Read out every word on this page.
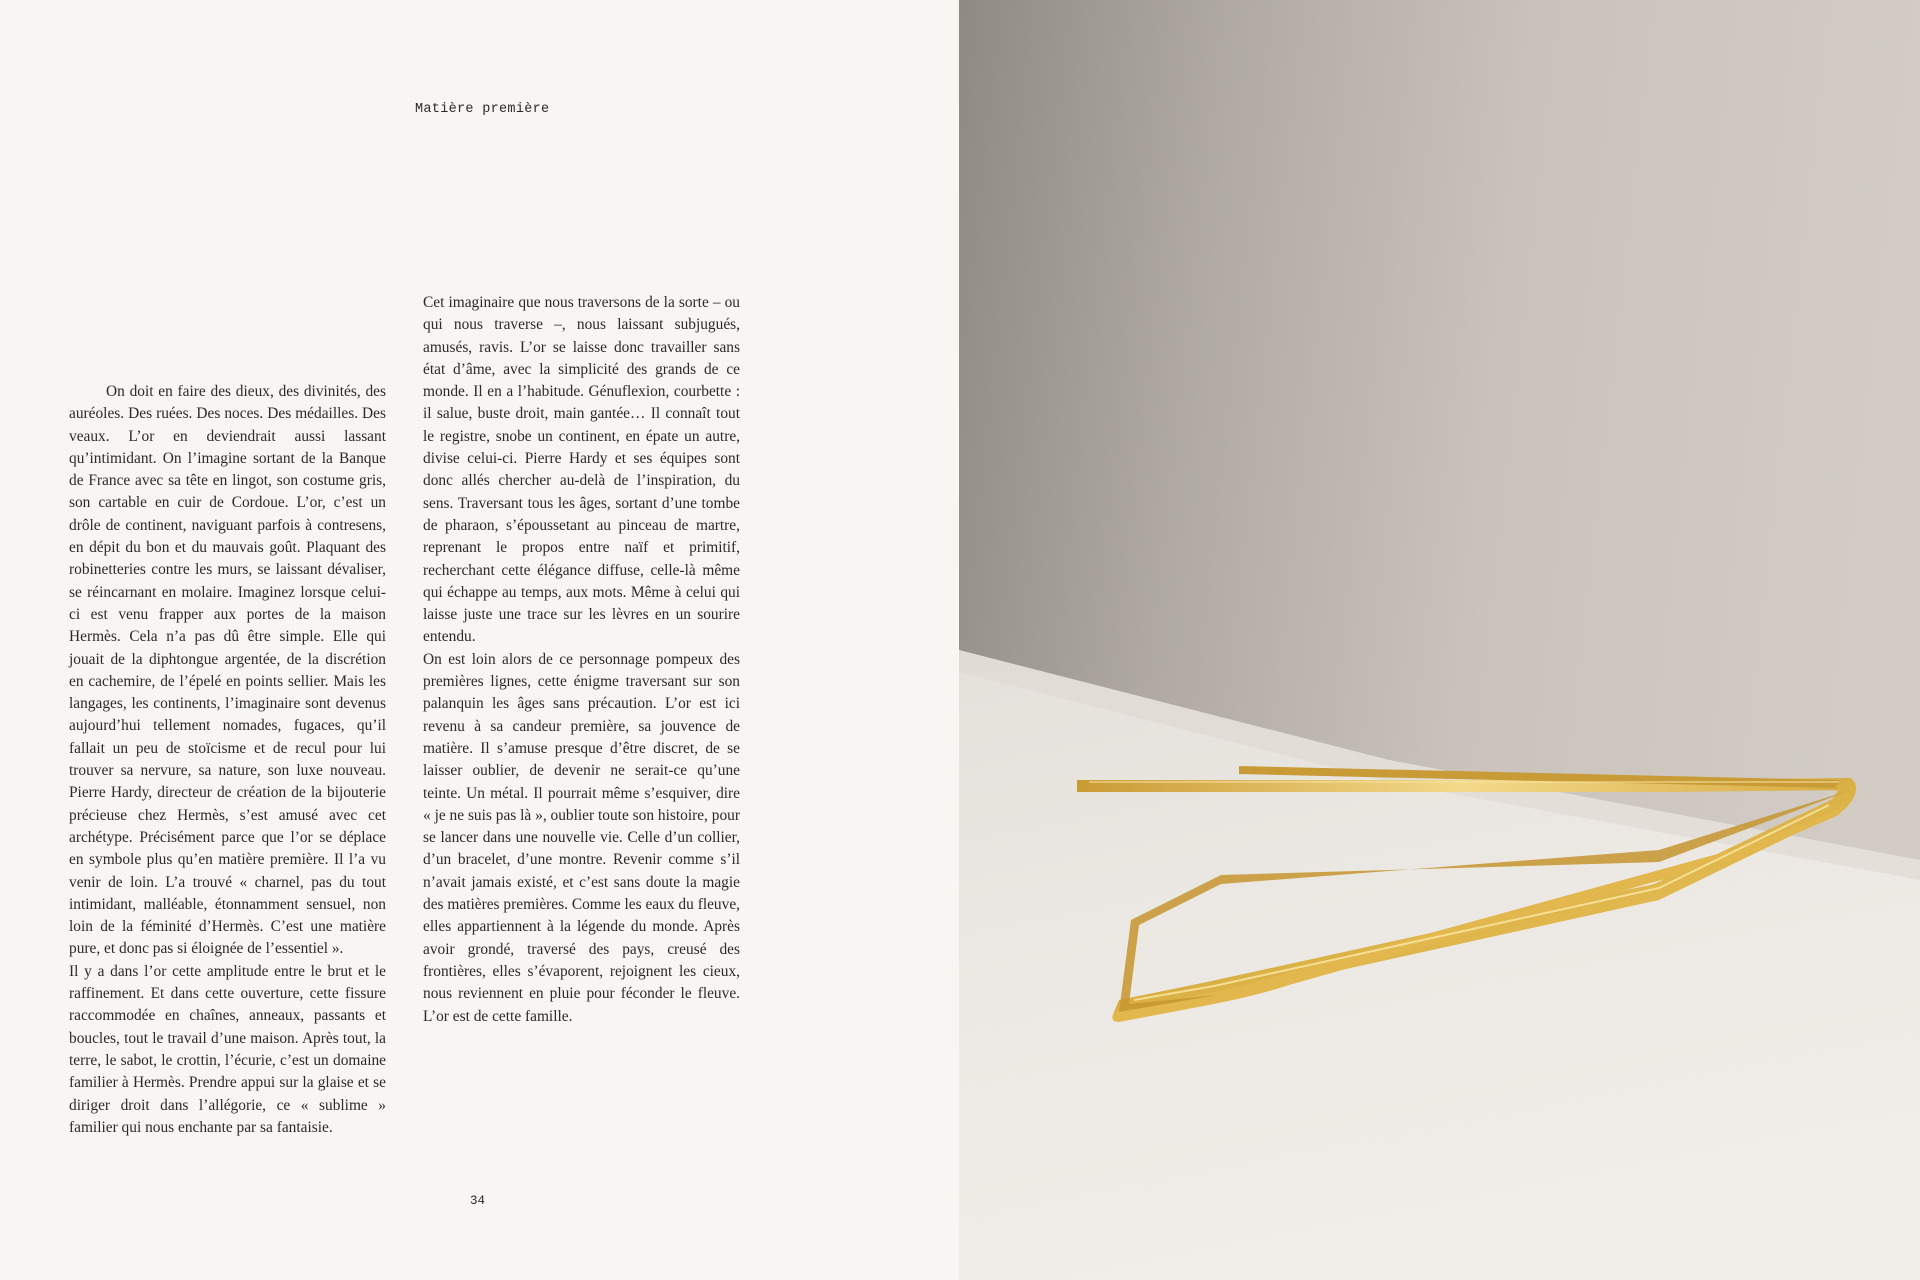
Matière première

On doit en faire des dieux, des divinités, des auréoles. Des ruées. Des noces. Des médailles. Des veaux. L’or en deviendrait aussi lassant qu’intimidant. On l’imagine sortant de la Banque de France avec sa tête en lingot, son costume gris, son cartable en cuir de Cordoue. L’or, c’est un drôle de continent, naviguant parfois à contresens, en dépit du bon et du mauvais goût. Plaquant des robinetteries contre les murs, se laissant dévaliser, se réincarnant en molaire. Imaginez lorsque celui-ci est venu frapper aux portes de la maison Hermès. Cela n’a pas dû être simple. Elle qui jouait de la diphtongue argentée, de la discrétion en cachemire, de l’épelé en points sellier. Mais les langages, les continents, l’imaginaire sont devenus aujourd’hui tellement nomades, fugaces, qu’il fallait un peu de stoïcisme et de recul pour lui trouver sa nervure, sa nature, son luxe nouveau. Pierre Hardy, directeur de création de la bijouterie précieuse chez Hermès, s’est amusé avec cet archétype. Précisément parce que l’or se déplace en symbole plus qu’en matière première. Il l’a vu venir de loin. L’a trouvé « charnel, pas du tout intimidant, malléable, étonnamment sensuel, non loin de la féminité d’Hermès. C’est une matière pure, et donc pas si éloignée de l’essentiel ».

Il y a dans l’or cette amplitude entre le brut et le raffinement. Et dans cette ouverture, cette fissure raccommodée en chaînes, anneaux, passants et boucles, tout le travail d’une maison. Après tout, la terre, le sabot, le crottin, l’écurie, c’est un domaine familier à Hermès. Prendre appui sur la glaise et se diriger droit dans l’allégorie, ce « sublime » familier qui nous enchante par sa fantaisie.

Cet imaginaire que nous traversons de la sorte – ou qui nous traverse –, nous laissant subjugués, amusés, ravis. L’or se laisse donc travailler sans état d’âme, avec la simplicité des grands de ce monde. Il en a l’habitude. Génuflexion, courbette : il salue, buste droit, main gantée… Il connaît tout le registre, snobe un continent, en épate un autre, divise celui-ci. Pierre Hardy et ses équipes sont donc allés chercher au-delà de l’inspiration, du sens. Traversant tous les âges, sortant d’une tombe de pharaon, s’époussetant au pinceau de martre, reprenant le propos entre naïf et primitif, recherchant cette élégance diffuse, celle-là même qui échappe au temps, aux mots. Même à celui qui laisse juste une trace sur les lèvres en un sourire entendu.

On est loin alors de ce personnage pompeux des premières lignes, cette énigme traversant sur son palanquin les âges sans précaution. L’or est ici revenu à sa candeur première, sa jouvence de matière. Il s’amuse presque d’être discret, de se laisser oublier, de devenir ne serait-ce qu’une teinte. Un métal. Il pourrait même s’esquiver, dire « je ne suis pas là », oublier toute son histoire, pour se lancer dans une nouvelle vie. Celle d’un collier, d’un bracelet, d’une montre. Revenir comme s’il n’avait jamais existé, et c’est sans doute la magie des matières premières. Comme les eaux du fleuve, elles appartiennent à la légende du monde. Après avoir grondé, traversé des pays, creusé des frontières, elles s’évaporent, rejoignent les cieux, nous reviennent en pluie pour féconder le fleuve. L’or est de cette famille.

34
